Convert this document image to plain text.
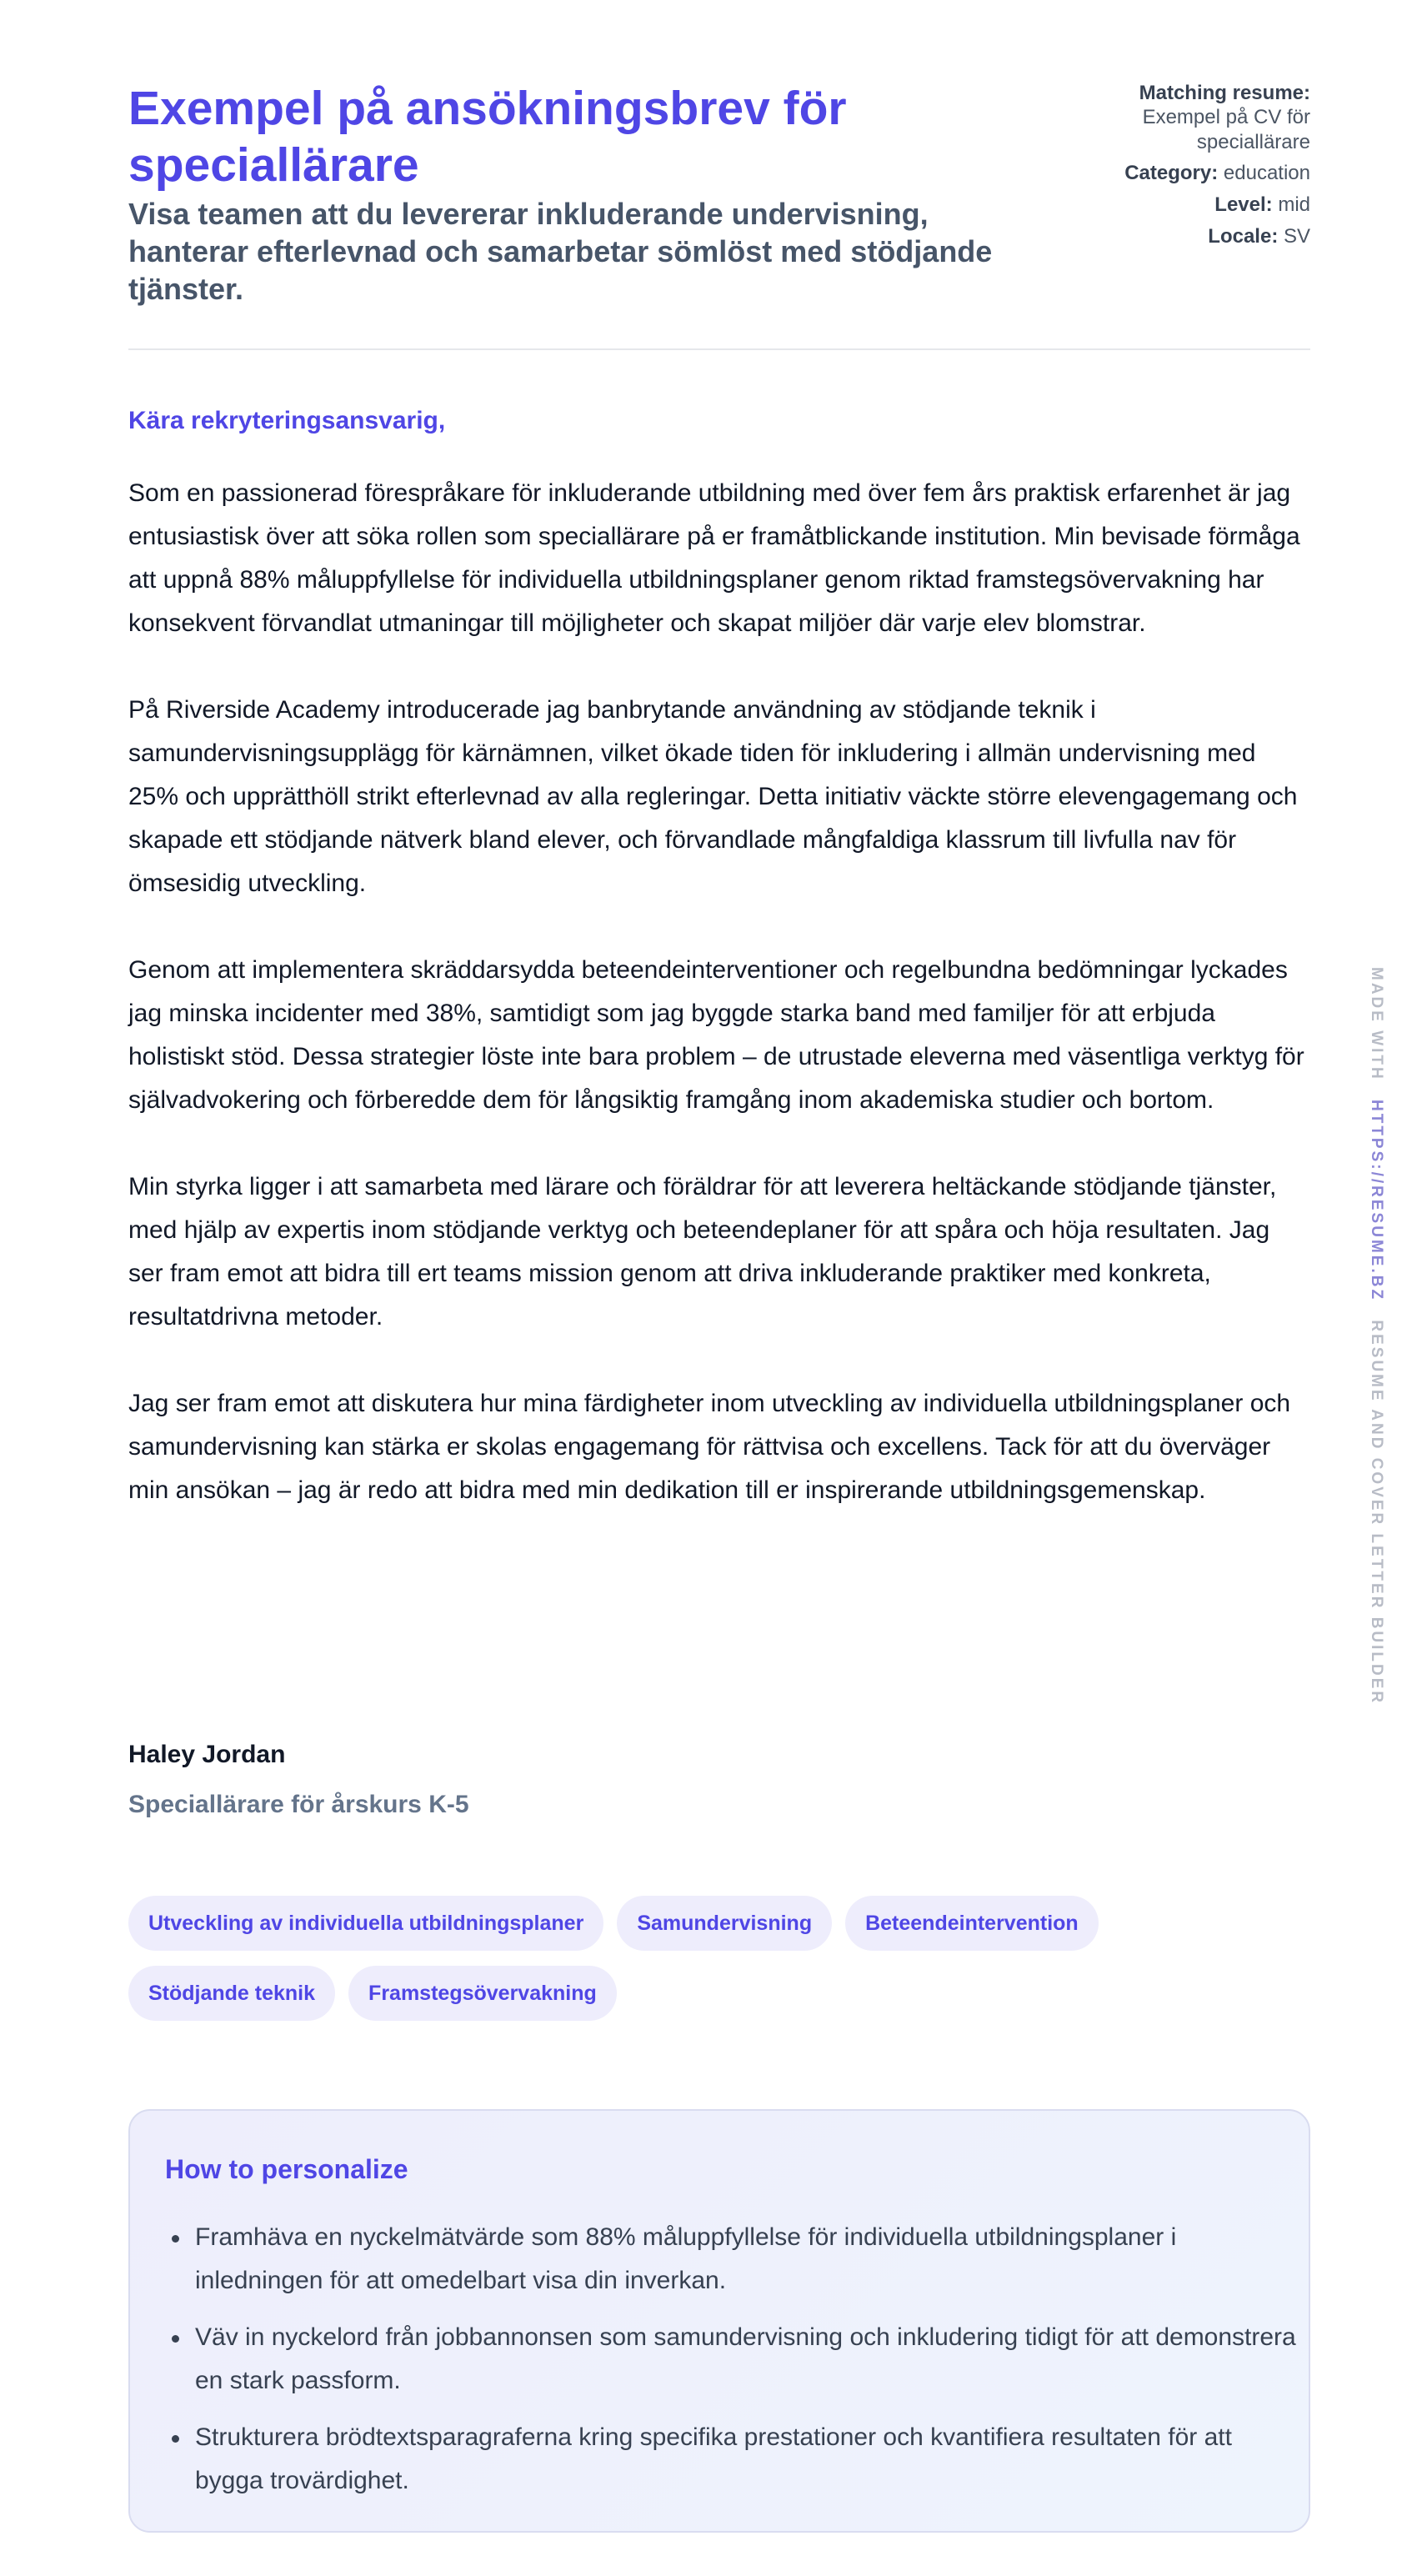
Exempel på ansökningsbrev för speciallärare

Visa teamen att du levererar inkluderande undervisning, hanterar efterlevnad och samarbetar sömlöst med stödjande tjänster.

Matching resume:
Exempel på CV för speciallärare
Category: education
Level: mid
Locale: SV
Kära rekryteringsansvarig,

Som en passionerad förespråkare för inkluderande utbildning med över fem års praktisk erfarenhet är jag entusiastisk över att söka rollen som speciallärare på er framåtblickande institution. Min bevisade förmåga att uppnå 88% måluppfyllelse för individuella utbildningsplaner genom riktad framstegsövervakning har konsekvent förvandlat utmaningar till möjligheter och skapat miljöer där varje elev blomstrar.

På Riverside Academy introducerade jag banbrytande användning av stödjande teknik i samundervisningsupplägg för kärnämnen, vilket ökade tiden för inkludering i allmän undervisning med 25% och upprätthöll strikt efterlevnad av alla regleringar. Detta initiativ väckte större elevengagemang och skapade ett stödjande nätverk bland elever, och förvandlade mångfaldiga klassrum till livfulla nav för ömsesidig utveckling.

Genom att implementera skräddarsydda beteendeinterventioner och regelbundna bedömningar lyckades jag minska incidenter med 38%, samtidigt som jag byggde starka band med familjer för att erbjuda holistiskt stöd. Dessa strategier löste inte bara problem – de utrustade eleverna med väsentliga verktyg för självadvokering och förberedde dem för långsiktig framgång inom akademiska studier och bortom.

Min styrka ligger i att samarbeta med lärare och föräldrar för att leverera heltäckande stödjande tjänster, med hjälp av expertis inom stödjande verktyg och beteendeplaner för att spåra och höja resultaten. Jag ser fram emot att bidra till ert teams mission genom att driva inkluderande praktiker med konkreta, resultatdrivna metoder.

Jag ser fram emot att diskutera hur mina färdigheter inom utveckling av individuella utbildningsplaner och samundervisning kan stärka er skolas engagemang för rättvisa och excellens. Tack för att du överväger min ansökan – jag är redo att bidra med min dedikation till er inspirerande utbildningsgemenskap.

Haley Jordan
Speciallärare för årskurs K-5
Utveckling av individuella utbildningsplaner	Samundervisning	Beteendeintervention
Stödjande teknik	Framstegsövervakning
How to personalize
Framhäva en nyckelmätvärde som 88% måluppfyllelse för individuella utbildningsplaner i inledningen för att omedelbart visa din inverkan.
Väv in nyckelord från jobbannonsen som samundervisning och inkludering tidigt för att demonstrera en stark passform.
Strukturera brödtextsparagraferna kring specifika prestationer och kvantifiera resultaten för att bygga trovärdighet.
MADE WITH HTTPS://RESUME.BZ RESUME AND COVER LETTER BUILDER
